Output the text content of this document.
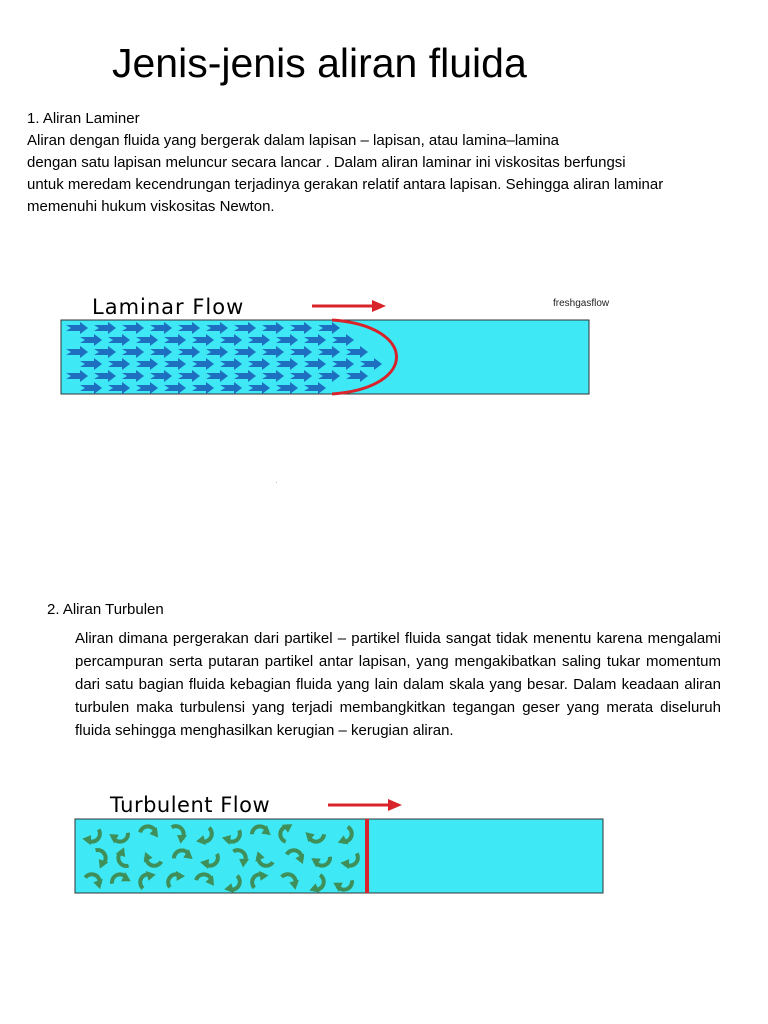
Jenis-jenis aliran fluida
1. Aliran Laminer
Aliran dengan fluida yang bergerak dalam lapisan – lapisan, atau lamina–lamina
dengan satu lapisan meluncur secara lancar . Dalam aliran laminar ini viskositas berfungsi
untuk meredam kecendrungan terjadinya gerakan relatif antara lapisan. Sehingga aliran laminar
memenuhi hukum viskositas Newton.
Laminar Flow	freshgasflow
2. Aliran Turbulen
Aliran dimana pergerakan dari partikel – partikel fluida sangat tidak menentu karena mengalami percampuran serta putaran partikel antar lapisan, yang mengakibatkan saling tukar momentum dari satu bagian fluida kebagian fluida yang lain dalam skala yang besar. Dalam keadaan aliran turbulen maka turbulensi yang terjadi membangkitkan tegangan geser yang merata diseluruh fluida sehingga menghasilkan kerugian – kerugian aliran.
Turbulent Flow
